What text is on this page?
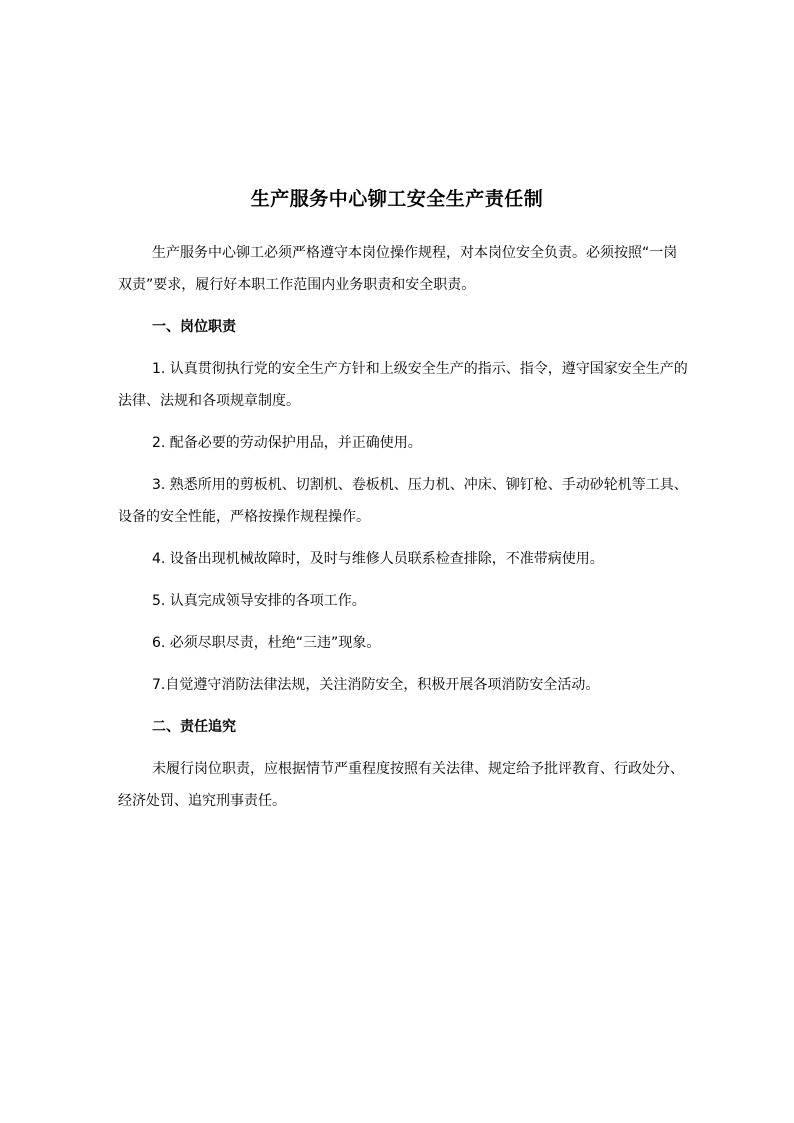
生产服务中心铆工安全生产责任制

生产服务中心铆工必须严格遵守本岗位操作规程，对本岗位安全负责。必须按照“一岗双责”要求，履行好本职工作范围内业务职责和安全职责。

一、岗位职责

1. 认真贯彻执行党的安全生产方针和上级安全生产的指示、指令，遵守国家安全生产的法律、法规和各项规章制度。

2. 配备必要的劳动保护用品，并正确使用。

3. 熟悉所用的剪板机、切割机、卷板机、压力机、冲床、铆钉枪、手动砂轮机等工具、设备的安全性能，严格按操作规程操作。

4. 设备出现机械故障时，及时与维修人员联系检查排除，不准带病使用。

5. 认真完成领导安排的各项工作。

6. 必须尽职尽责，杜绝“三违”现象。

7.自觉遵守消防法律法规，关注消防安全，积极开展各项消防安全活动。

二、责任追究

未履行岗位职责，应根据情节严重程度按照有关法律、规定给予批评教育、行政处分、经济处罚、追究刑事责任。
